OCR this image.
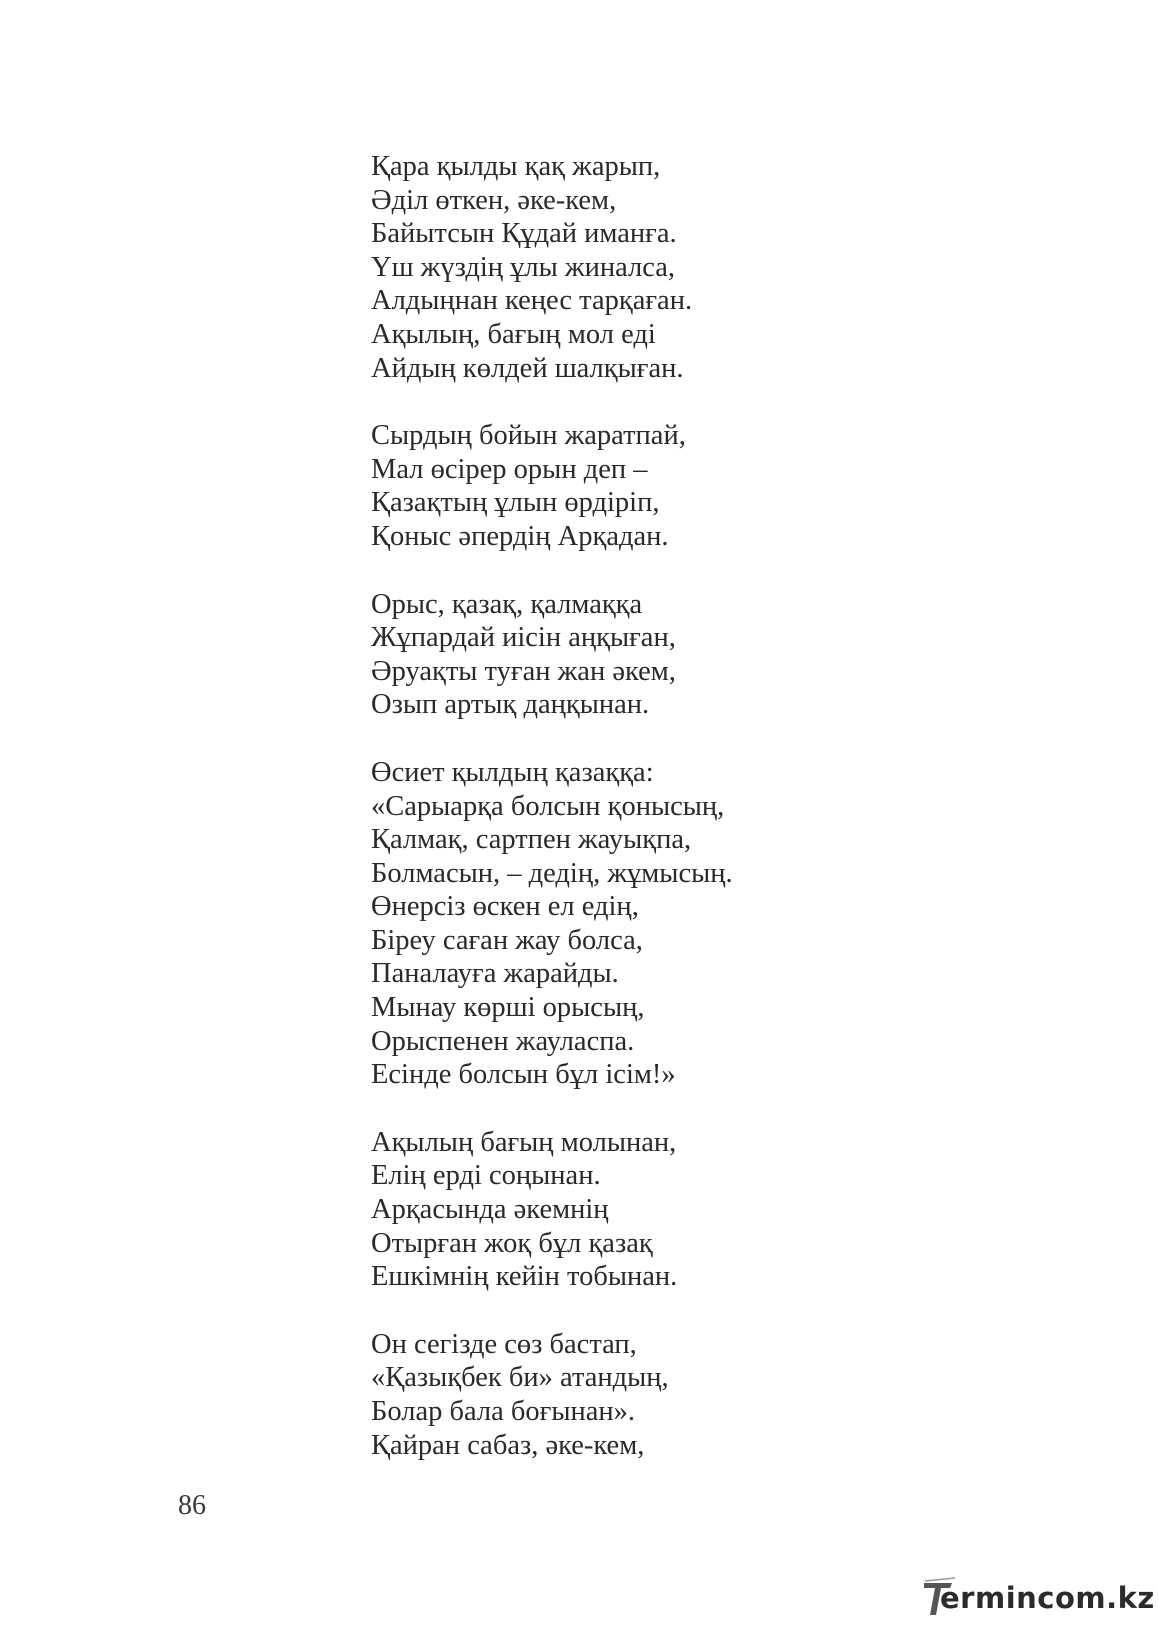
Қара қылды қақ жарып,
Әділ өткен, әке-кем,
Байытсын Құдай иманға.
Үш жүздің ұлы жиналса,
Алдыңнан кеңес тарқаған.
Ақылың, бағың мол еді
Айдың көлдей шалқыған.
Сырдың бойын жаратпай,
Мал өсірер орын деп –
Қазақтың ұлын өрдіріп,
Қоныс әпердің Арқадан.
Орыс, қазақ, қалмаққа
Жұпардай иісін аңқыған,
Әруақты туған жан әкем,
Озып артық даңқынан.
Өсиет қылдың қазаққа:
«Сарыарқа болсын қонысың,
Қалмақ, сартпен жауықпа,
Болмасын, – дедің, жұмысың.
Өнерсіз өскен ел едің,
Біреу саған жау болса,
Паналауға жарайды.
Мынау көрші орысың,
Орыспенен жауласпа.
Есінде болсын бұл ісім!»
Ақылың бағың молынан,
Елің ерді соңынан.
Арқасында әкемнің
Отырған жоқ бұл қазақ
Ешкімнің кейін тобынан.
Он сегізде сөз бастап,
«Қазықбек би» атандың,
Болар бала боғынан».
Қайран сабаз, әке-кем,
86
ermincom.kz
